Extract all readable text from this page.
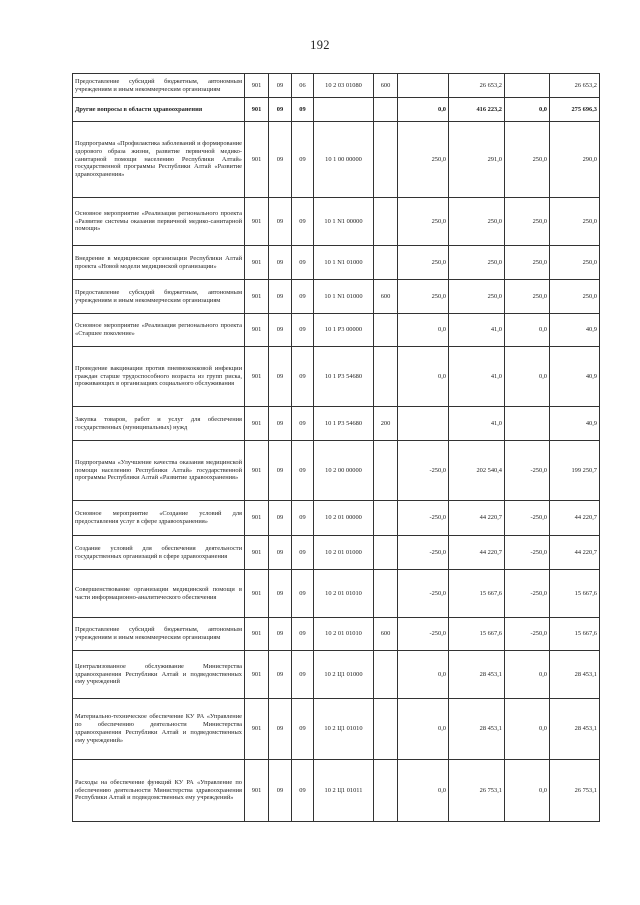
192
Предоставление субсидий бюджетным, автономным учреждениям и иным некоммерческим организациям	901	09	06	10 2 03 01080	600		26 653,2		26 653,2
Другие вопросы в области здравоохранения	901	09	09			0,0	416 223,2	0,0	275 696,3
Подпрограмма «Профилактика заболеваний и формирование здорового образа жизни, развитие первичной медико-санитарной помощи населению Республики Алтай» государственной программы Республики Алтай «Развитие здравоохранения»	901	09	09	10 1 00 00000		250,0	291,0	250,0	290,0
Основное мероприятие «Реализация регионального проекта «Развитие системы оказания первичной медико-санитарной помощи»	901	09	09	10 1 N1 00000		250,0	250,0	250,0	250,0
Внедрение в медицинские организации Республики Алтай проекта «Новой модели медицинской организации»	901	09	09	10 1 N1 01000		250,0	250,0	250,0	250,0
Предоставление субсидий бюджетным, автономным учреждениям и иным некоммерческим организациям	901	09	09	10 1 N1 01000	600	250,0	250,0	250,0	250,0
Основное мероприятие «Реализация регионального проекта «Старшее поколение»	901	09	09	10 1 P3 00000		0,0	41,0	0,0	40,9
Проведение вакцинации против пневмококковой инфекции граждан старше трудоспособного возраста из групп риска, проживающих в организациях социального обслуживания	901	09	09	10 1 P3 54680		0,0	41,0	0,0	40,9
Закупка товаров, работ и услуг для обеспечения государственных (муниципальных) нужд	901	09	09	10 1 P3 54680	200		41,0		40,9
Подпрограмма «Улучшение качества оказания медицинской помощи населению Республики Алтай» государственной программы Республики Алтай «Развитие здравоохранения»	901	09	09	10 2 00 00000		-250,0	202 540,4	-250,0	199 250,7
Основное мероприятие «Создание условий для предоставления услуг в сфере здравоохранения»	901	09	09	10 2 01 00000		-250,0	44 220,7	-250,0	44 220,7
Создание условий для обеспечения деятельности государственных организаций в сфере здравоохранения	901	09	09	10 2 01 01000		-250,0	44 220,7	-250,0	44 220,7
Совершенствование организации медицинской помощи в части информационно-аналитического обеспечения	901	09	09	10 2 01 01010		-250,0	15 667,6	-250,0	15 667,6
Предоставление субсидий бюджетным, автономным учреждениям и иным некоммерческим организациям	901	09	09	10 2 01 01010	600	-250,0	15 667,6	-250,0	15 667,6
Централизованное обслуживание Министерства здравоохранения Республики Алтай и подведомственных ему учреждений	901	09	09	10 2 Ц1 01000		0,0	28 453,1	0,0	28 453,1
Материально-техническое обеспечение КУ РА «Управление по обеспечению деятельности Министерства здравоохранения Республики Алтай и подведомственных ему учреждений»	901	09	09	10 2 Ц1 01010		0,0	28 453,1	0,0	28 453,1
Расходы на обеспечение функций КУ РА «Управление по обеспечению деятельности Министерства здравоохранения Республики Алтай и подведомственных ему учреждений»	901	09	09	10 2 Ц1 01011		0,0	26 753,1	0,0	26 753,1
